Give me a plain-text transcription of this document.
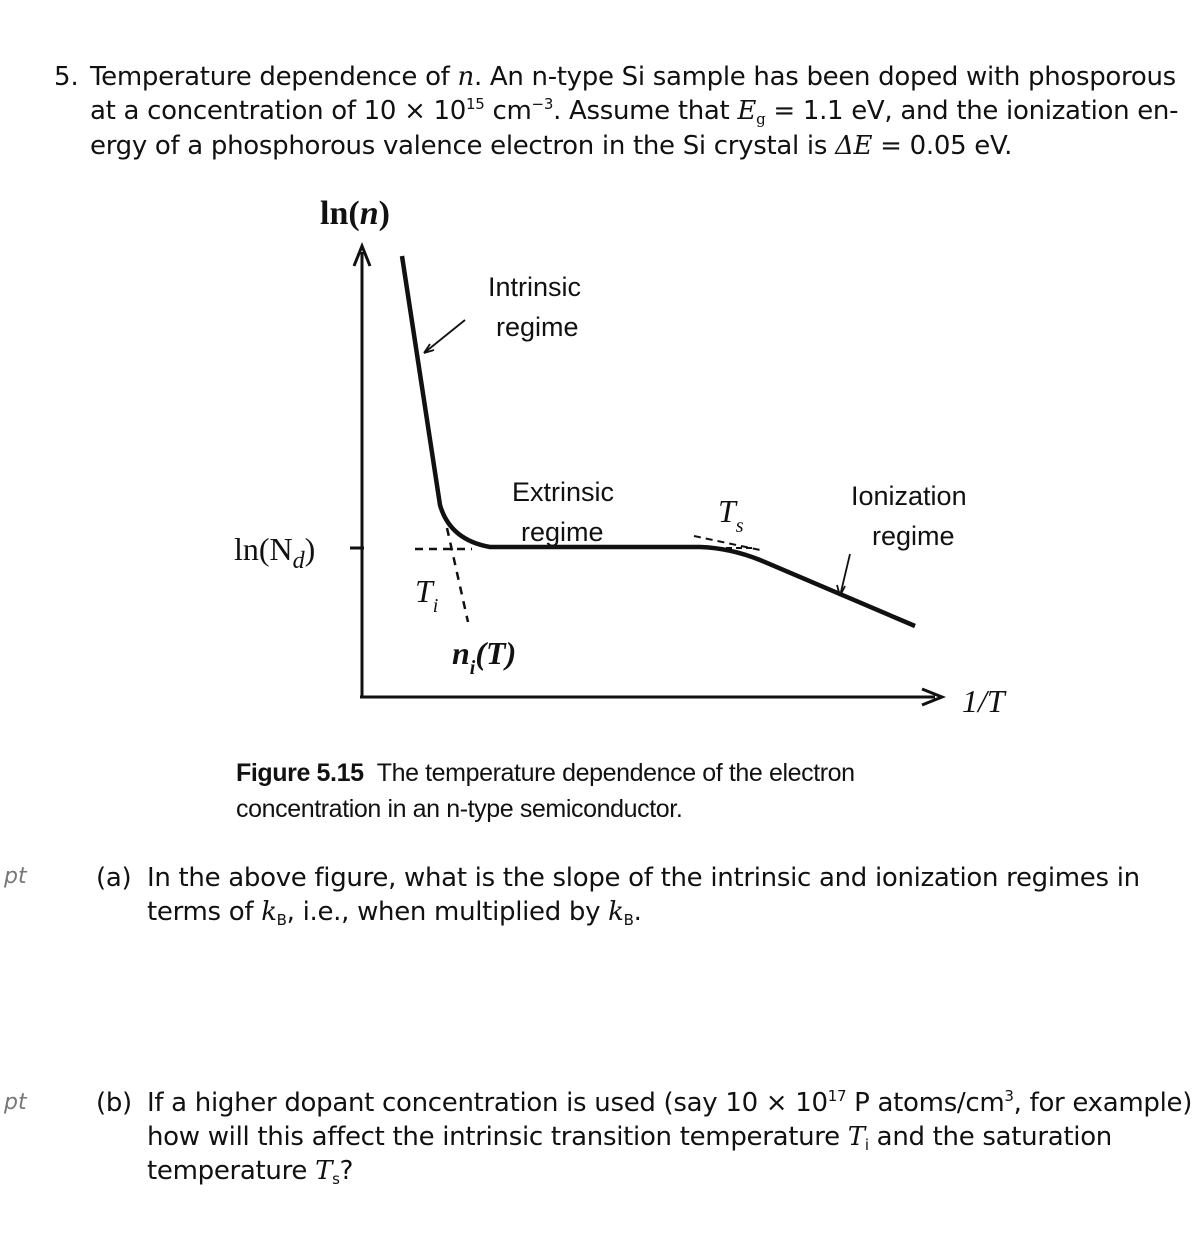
5. Temperature dependence of n. An n-type Si sample has been doped with phosporous
at a concentration of $10 \times 10^{15}$ $cm^{-3}$. Assume that $E_g = 1.1$ eV, and the ionization en-
ergy of a phosphorous valence electron in the Si crystal is ΔE = 0.05 eV.
ln(n)
1/T
$\ln(N_d)$
$T_i$
$n_i(T)$
$T_s$
Intrinsic
regime
Extrinsic
regime
Ionization
regime
Figure 5.15 The temperature dependence of the electron
concentration in an n-type semiconductor.
pt	(a) In the above figure, what is the slope of the intrinsic and ionization regimes in
terms of $k_B$, i.e., when multiplied by $k_B$.
pt	(b) If a higher dopant concentration is used (say $10 \times 10^{17}$ P atoms/$cm^3$, for example)
how will this affect the intrinsic transition temperature $T_i$ and the saturation
temperature $T_s$?
